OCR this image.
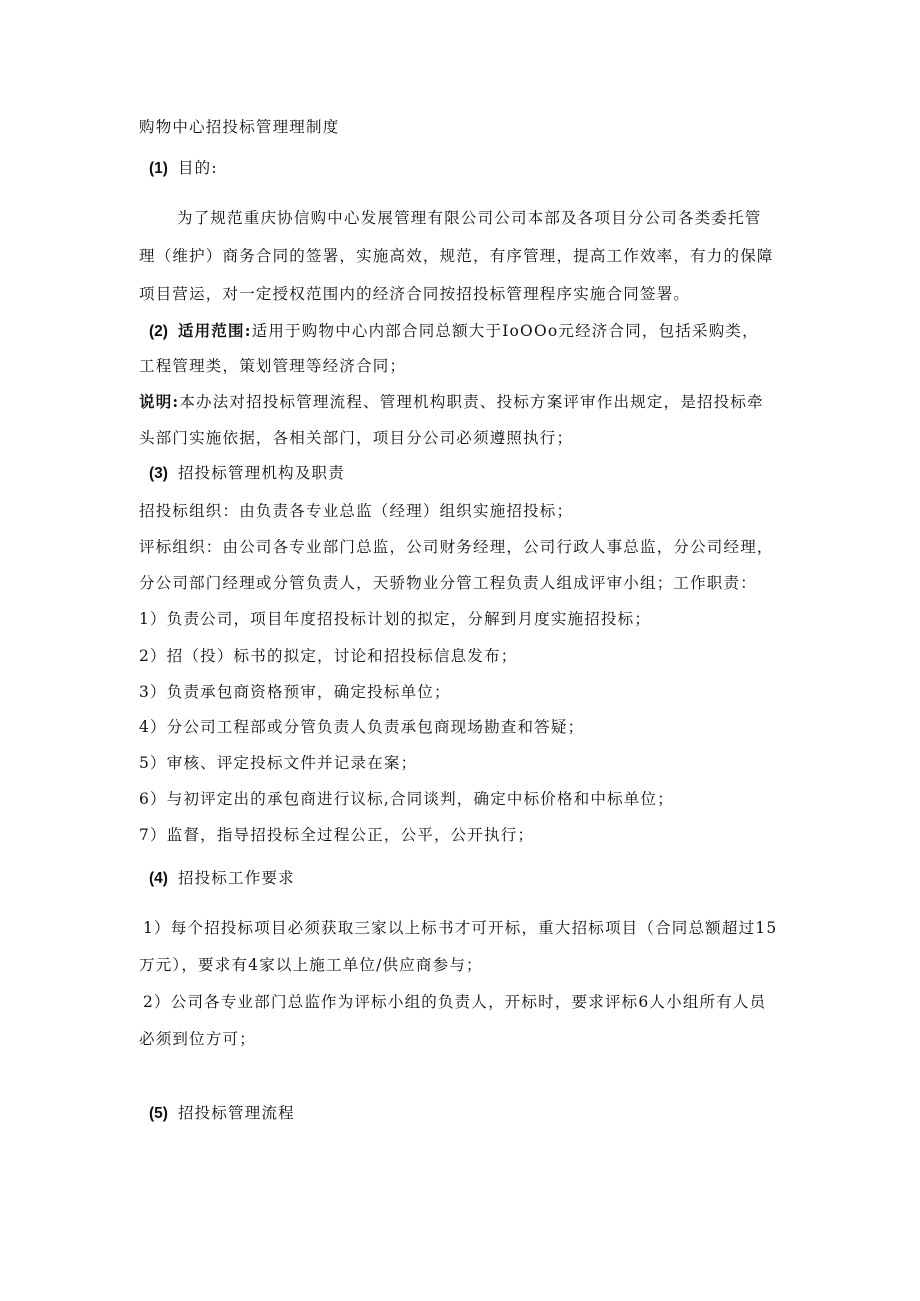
购物中心招投标管理理制度
(1) 目的:
为了规范重庆协信购中心发展管理有限公司公司本部及各项目分公司各类委托管
理（维护）商务合同的签署，实施高效，规范，有序管理，提高工作效率，有力的保障
项目营运，对一定授权范围内的经济合同按招投标管理程序实施合同签署。
(2) 适用范围:适用于购物中心内部合同总额大于IoOOo元经济合同，包括采购类，
工程管理类，策划管理等经济合同；
说明:本办法对招投标管理流程、管理机构职责、投标方案评审作出规定，是招投标牵
头部门实施依据，各相关部门，项目分公司必须遵照执行；
(3) 招投标管理机构及职责
招投标组织：由负责各专业总监（经理）组织实施招投标；
评标组织：由公司各专业部门总监，公司财务经理，公司行政人事总监，分公司经理，
分公司部门经理或分管负责人，天骄物业分管工程负责人组成评审小组；工作职责：
1）负责公司，项目年度招投标计划的拟定，分解到月度实施招投标；
2）招（投）标书的拟定，讨论和招投标信息发布；
3）负责承包商资格预审，确定投标单位；
4）分公司工程部或分管负责人负责承包商现场勘查和答疑；
5）审核、评定投标文件并记录在案；
6）与初评定出的承包商进行议标,合同谈判，确定中标价格和中标单位；
7）监督，指导招投标全过程公正，公平，公开执行；
(4) 招投标工作要求
1）每个招投标项目必须获取三家以上标书才可开标，重大招标项目（合同总额超过15
万元），要求有4家以上施工单位/供应商参与；
2）公司各专业部门总监作为评标小组的负责人，开标时，要求评标6人小组所有人员
必须到位方可；
(5) 招投标管理流程
